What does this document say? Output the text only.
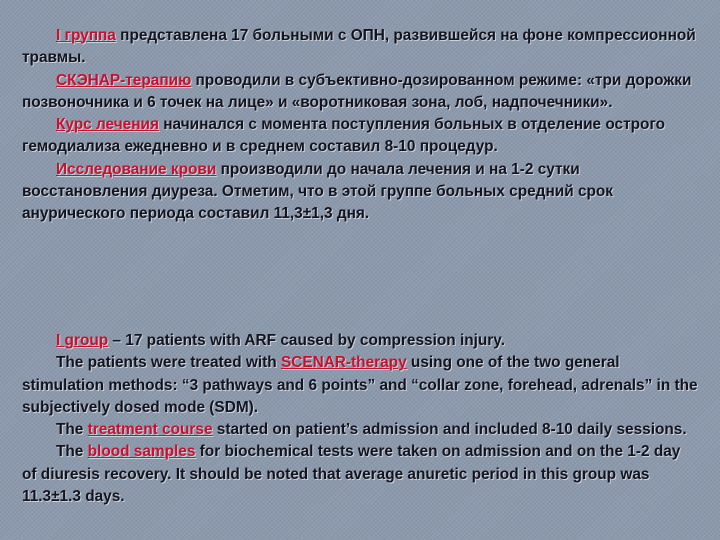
I группа представлена 17 больными с ОПН, развившейся на фоне компрессионной травмы.

СКЭНАР-терапию проводили в субъективно-дозированном режиме: «три дорожки позвоночника и 6 точек на лице» и «воротниковая зона, лоб, надпочечники».

Курс лечения начинался с момента поступления больных в отделение острого гемодиализа ежедневно и в среднем составил 8-10 процедур.

Исследование крови производили до начала лечения и на 1-2 сутки восстановления диуреза. Отметим, что в этой группе больных средний срок анурического периода составил 11,3±1,3 дня.

I group – 17 patients with ARF caused by compression injury.

The patients were treated with SCENAR-therapy using one of the two general stimulation methods: “3 pathways and 6 points” and “collar zone, forehead, adrenals” in the subjectively dosed mode (SDM).

The treatment course started on patient’s admission and included 8-10 daily sessions.

The blood samples for biochemical tests were taken on admission and on the 1-2 day of diuresis recovery. It should be noted that average anuretic period in this group was 11.3±1.3 days.
